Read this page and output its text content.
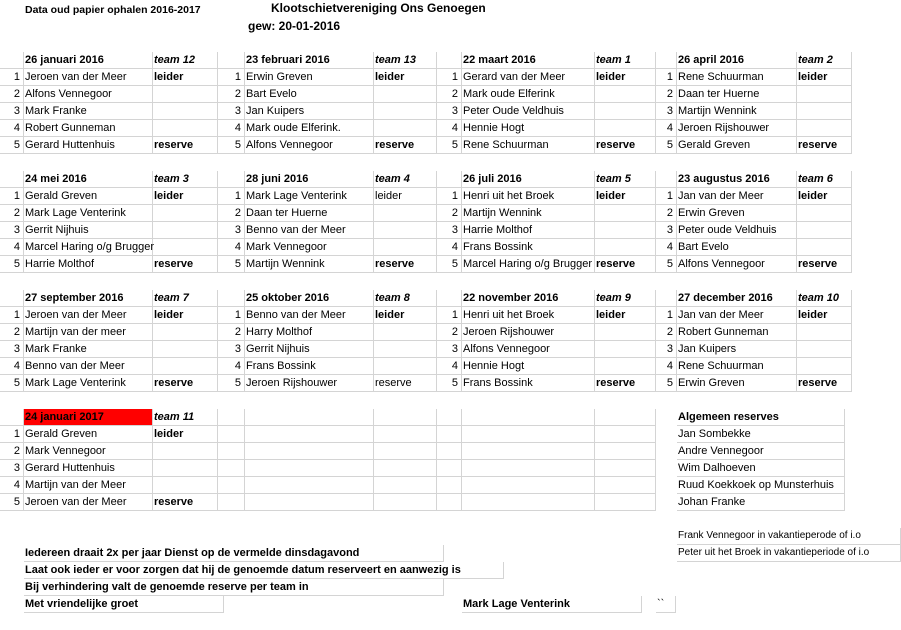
Data oud papier ophalen 2016-2017	Klootschietvereniging Ons Genoegen
gew: 20-01-2016
26 januari 2016	team 12
1 Jeroen van der Meer	leider
2 Alfons Vennegoor
3 Mark Franke
4 Robert Gunneman
5 Gerard Huttenhuis	reserve
23 februari 2016	team 13
1 Erwin Greven	leider
2 Bart Evelo
3 Jan Kuipers
4 Mark oude Elferink.
5 Alfons Vennegoor	reserve
22 maart 2016	team 1
1 Gerard van der Meer	leider
2 Mark oude Elferink
3 Peter Oude Veldhuis
4 Hennie Hogt
5 Rene Schuurman	reserve
26 april 2016	team 2
1 Rene Schuurman	leider
2 Daan ter Huerne
3 Martijn Wennink
4 Jeroen Rijshouwer
5 Gerald Greven	reserve
24 mei 2016	team 3
1 Gerald Greven	leider
2 Mark Lage Venterink
3 Gerrit Nijhuis
4 Marcel Haring o/g Brugger
5 Harrie Molthof	reserve
28 juni 2016	team 4
1 Mark Lage Venterink	leider
2 Daan ter Huerne
3 Benno van der Meer
4 Mark Vennegoor
5 Martijn Wennink	reserve
26 juli 2016	team 5
1 Henri uit het Broek	leider
2 Martijn Wennink
3 Harrie Molthof
4 Frans Bossink
5 Marcel Haring o/g Brugger reserve
23 augustus 2016	team 6
1 Jan van der Meer	leider
2 Erwin Greven
3 Peter oude Veldhuis
4 Bart Evelo
5 Alfons Vennegoor	reserve
27 september 2016	team 7
1 Jeroen van der Meer	leider
2 Martijn van der meer
3 Mark Franke
4 Benno van der Meer
5 Mark Lage Venterink	reserve
25 oktober 2016	team 8
1 Benno van der Meer	leider
2 Harry Molthof
3 Gerrit Nijhuis
4 Frans Bossink
5 Jeroen Rijshouwer	reserve
22 november 2016	team 9
1 Henri uit het Broek	leider
2 Jeroen Rijshouwer
3 Alfons Vennegoor
4 Hennie Hogt
5 Frans Bossink	reserve
27 december 2016	team 10
1 Jan van der Meer	leider
2 Robert Gunneman
3 Jan Kuipers
4 Rene Schuurman
5 Erwin Greven	reserve
24 januari 2017	team 11
1 Gerald Greven	leider
2 Mark Vennegoor
3 Gerard Huttenhuis
4 Martijn van der Meer
5 Jeroen van der Meer	reserve
Algemeen reserves
Jan Sombekke
Andre Vennegoor
Wim Dalhoeven
Ruud Koekkoek op Munsterhuis
Johan Franke
Frank Vennegoor in vakantieperode of i.o
Peter uit het Broek in vakantieperiode of i.o
Iedereen draait 2x per jaar Dienst op de vermelde dinsdagavond
Laat ook ieder er voor zorgen dat hij de genoemde datum reserveert en aanwezig is
Bij verhindering valt de genoemde reserve per team in
Met vriendelijke groet	Mark Lage Venterink	``
